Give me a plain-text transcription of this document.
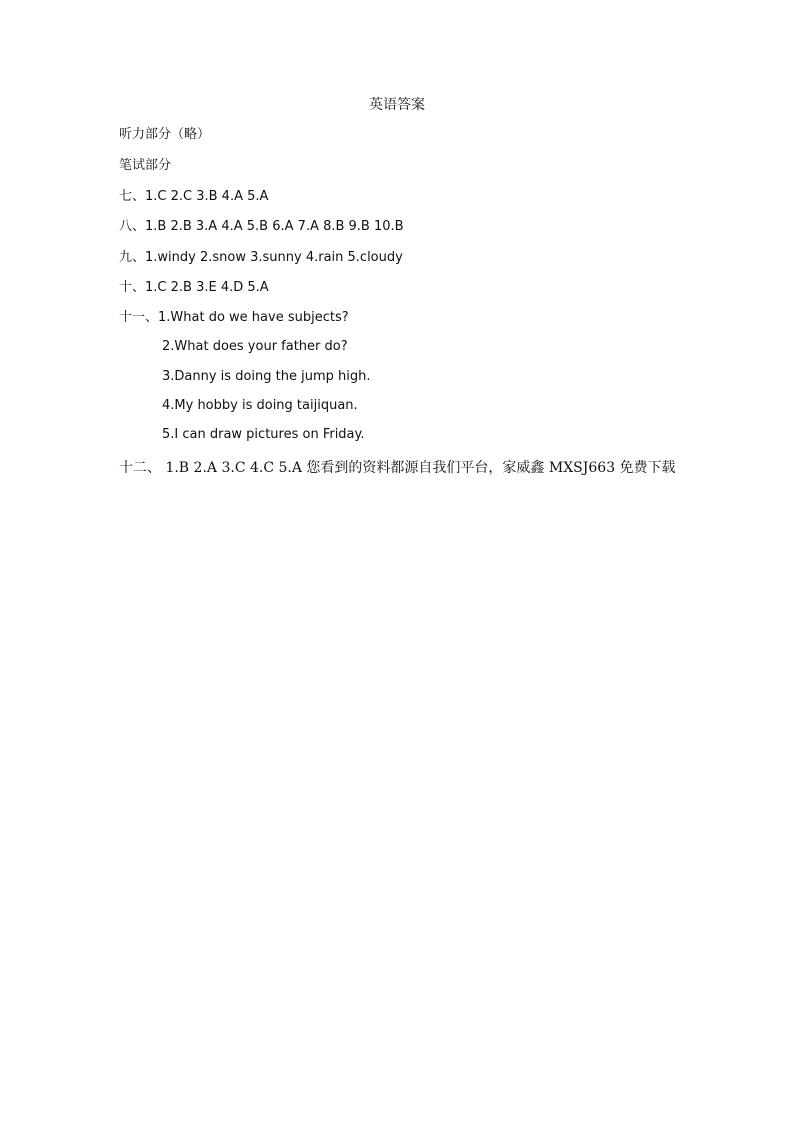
英语答案
听力部分（略）
笔试部分
七、1.C 2.C 3.B 4.A 5.A
八、1.B 2.B 3.A 4.A 5.B 6.A 7.A 8.B 9.B 10.B
九、1.windy 2.snow 3.sunny 4.rain 5.cloudy
十、1.C 2.B 3.E 4.D 5.A
十一、1.What do we have subjects?
2.What does your father do?
3.Danny is doing the jump high.
4.My hobby is doing taijiquan.
5.I can draw pictures on Friday.
十二、 1.B 2.A 3.C 4.C 5.A 您看到的资料都源自我们平台，家威鑫 MXSJ663 免费下载
